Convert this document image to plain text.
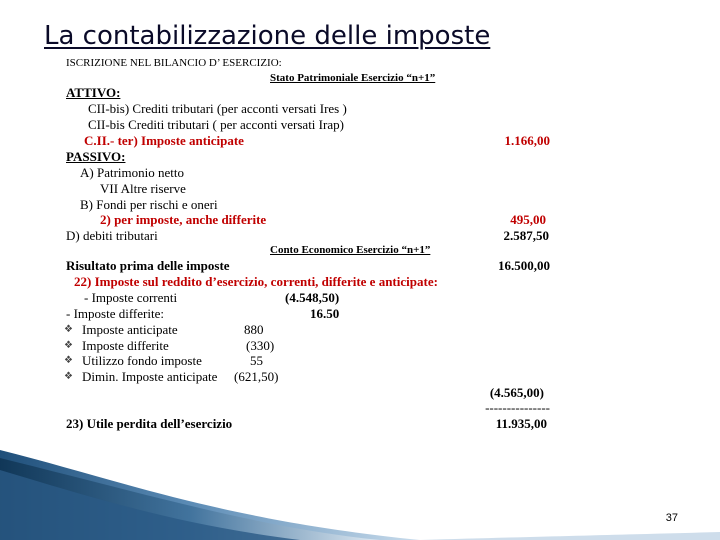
La contabilizzazione delle imposte
ISCRIZIONE NEL BILANCIO D’ ESERCIZIO:
Stato Patrimoniale Esercizio “n+1”
ATTIVO:
CII-bis) Crediti tributari (per acconti versati Ires )
CII-bis Crediti tributari ( per acconti versati Irap)
C.II.- ter) Imposte anticipate	1.166,00
PASSIVO:
A) Patrimonio netto
VII Altre riserve
B) Fondi per rischi e oneri
2) per imposte, anche differite	495,00
D) debiti tributari	2.587,50
Conto Economico Esercizio “n+1”
Risultato prima delle imposte	16.500,00
22) Imposte sul reddito d’esercizio, correnti, differite e anticipate:
- Imposte correnti	(4.548,50)
- Imposte differite:	16.50
❖ Imposte anticipate	880
❖ Imposte differite	(330)
❖ Utilizzo fondo imposte	55
❖ Dimin. Imposte anticipate (621,50)
(4.565,00)
---------------
23) Utile perdita dell’esercizio	11.935,00
37
